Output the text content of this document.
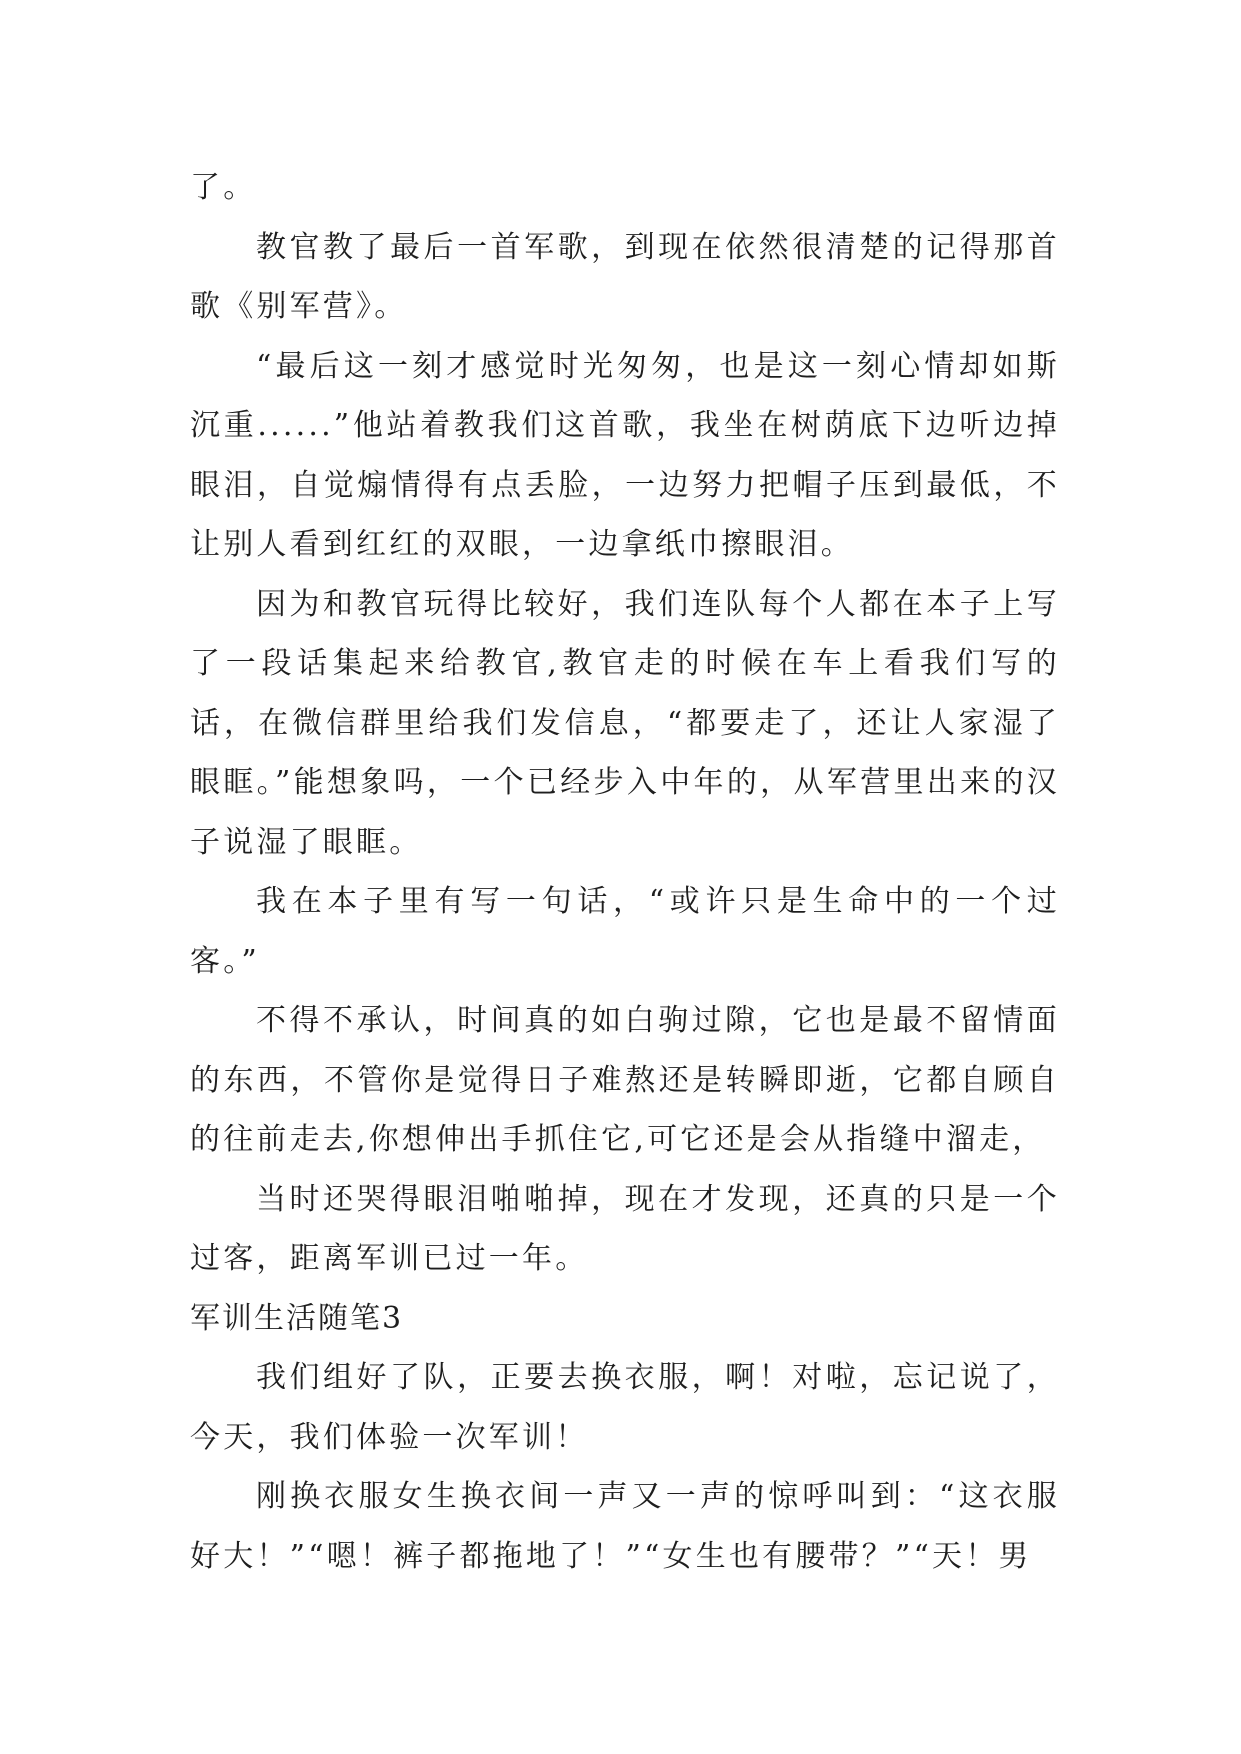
了。

教官教了最后一首军歌，到现在依然很清楚的记得那首歌《别军营》。

“最后这一刻才感觉时光匆匆，也是这一刻心情却如斯沉重......”他站着教我们这首歌，我坐在树荫底下边听边掉眼泪，自觉煽情得有点丢脸，一边努力把帽子压到最低，不让别人看到红红的双眼，一边拿纸巾擦眼泪。

因为和教官玩得比较好，我们连队每个人都在本子上写了一段话集起来给教官,教官走的时候在车上看我们写的话，在微信群里给我们发信息，“都要走了，还让人家湿了眼眶。”能想象吗，一个已经步入中年的，从军营里出来的汉子说湿了眼眶。

我在本子里有写一句话，“或许只是生命中的一个过客。”

不得不承认，时间真的如白驹过隙，它也是最不留情面的东西，不管你是觉得日子难熬还是转瞬即逝，它都自顾自的往前走去,你想伸出手抓住它,可它还是会从指缝中溜走，

当时还哭得眼泪啪啪掉，现在才发现，还真的只是一个过客，距离军训已过一年。

军训生活随笔3

我们组好了队，正要去换衣服，啊！对啦，忘记说了，今天，我们体验一次军训！

刚换衣服女生换衣间一声又一声的惊呼叫到：“这衣服好大！”“嗯！裤子都拖地了！”“女生也有腰带？”“天！男
